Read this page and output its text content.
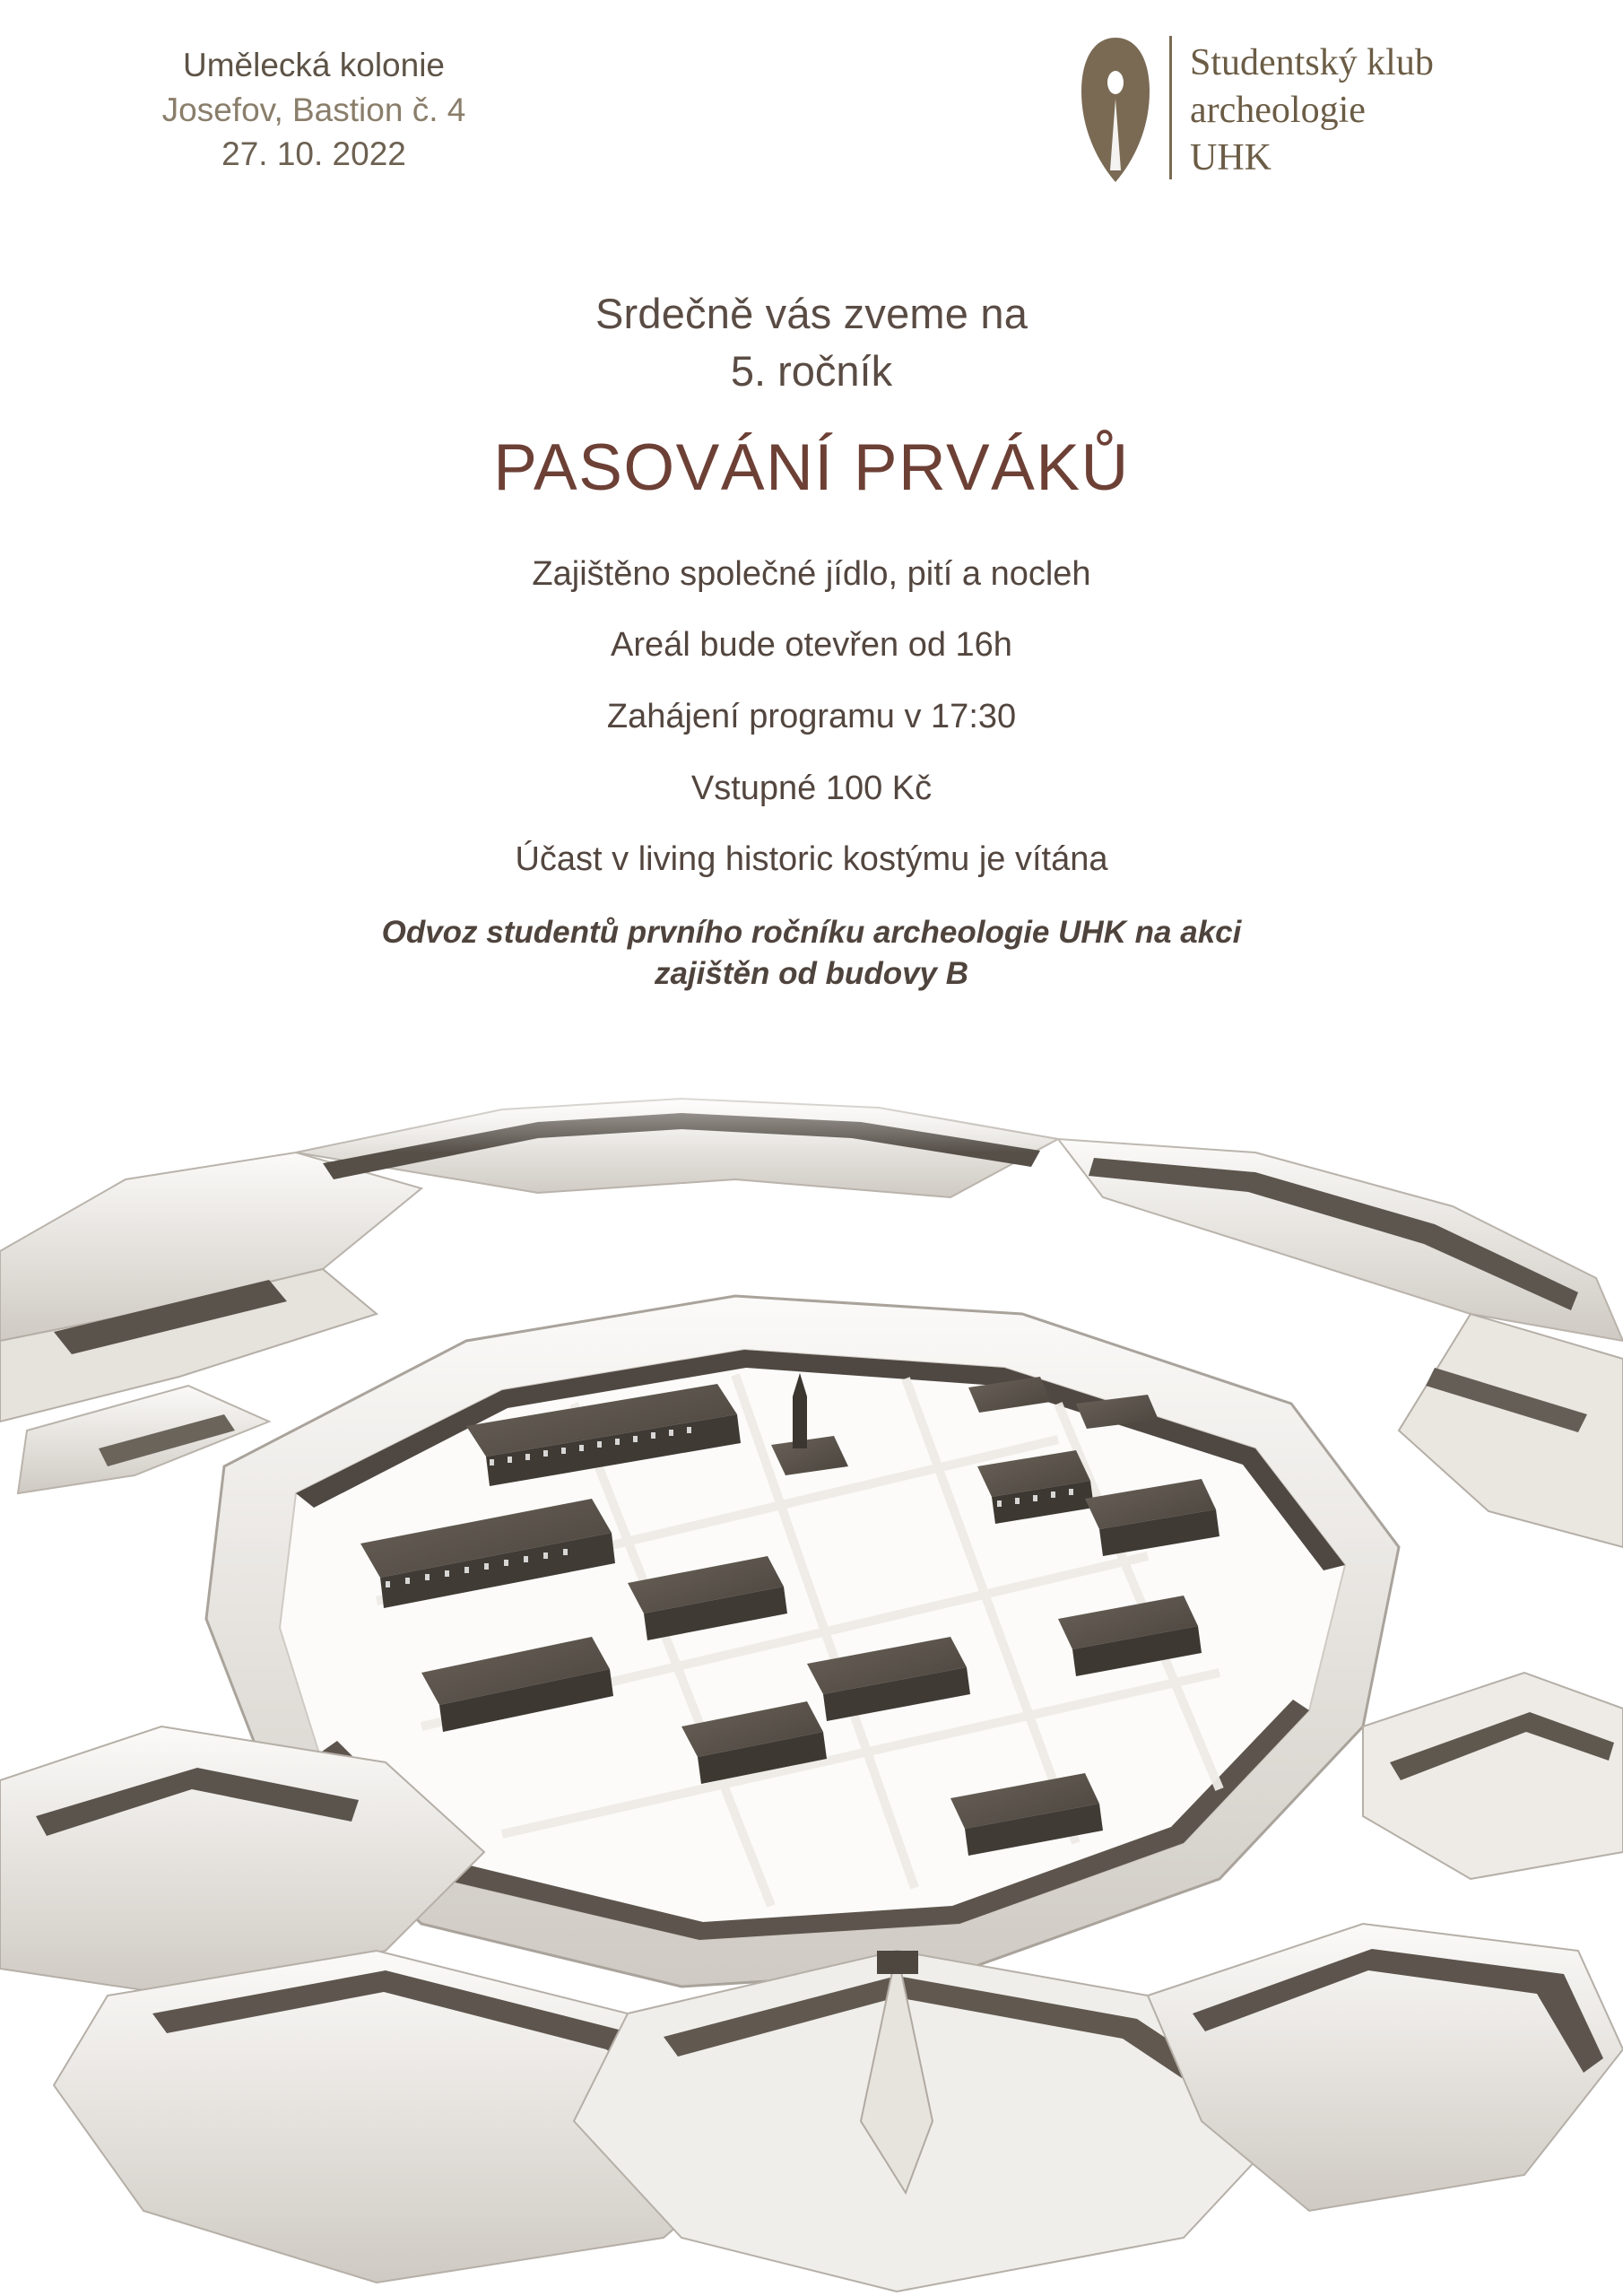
Umělecká kolonie
Josefov, Bastion č. 4
27. 10. 2022
Studentský klub
archeologie
UHK
Srdečně vás zveme na
5. ročník
PASOVÁNÍ PRVÁKŮ
Zajištěno společné jídlo, pití a nocleh
Areál bude otevřen od 16h
Zahájení programu v 17:30
Vstupné 100 Kč
Účast v living historic kostýmu je vítána
Odvoz studentů prvního ročníku archeologie UHK na akci
zajištěn od budovy B
